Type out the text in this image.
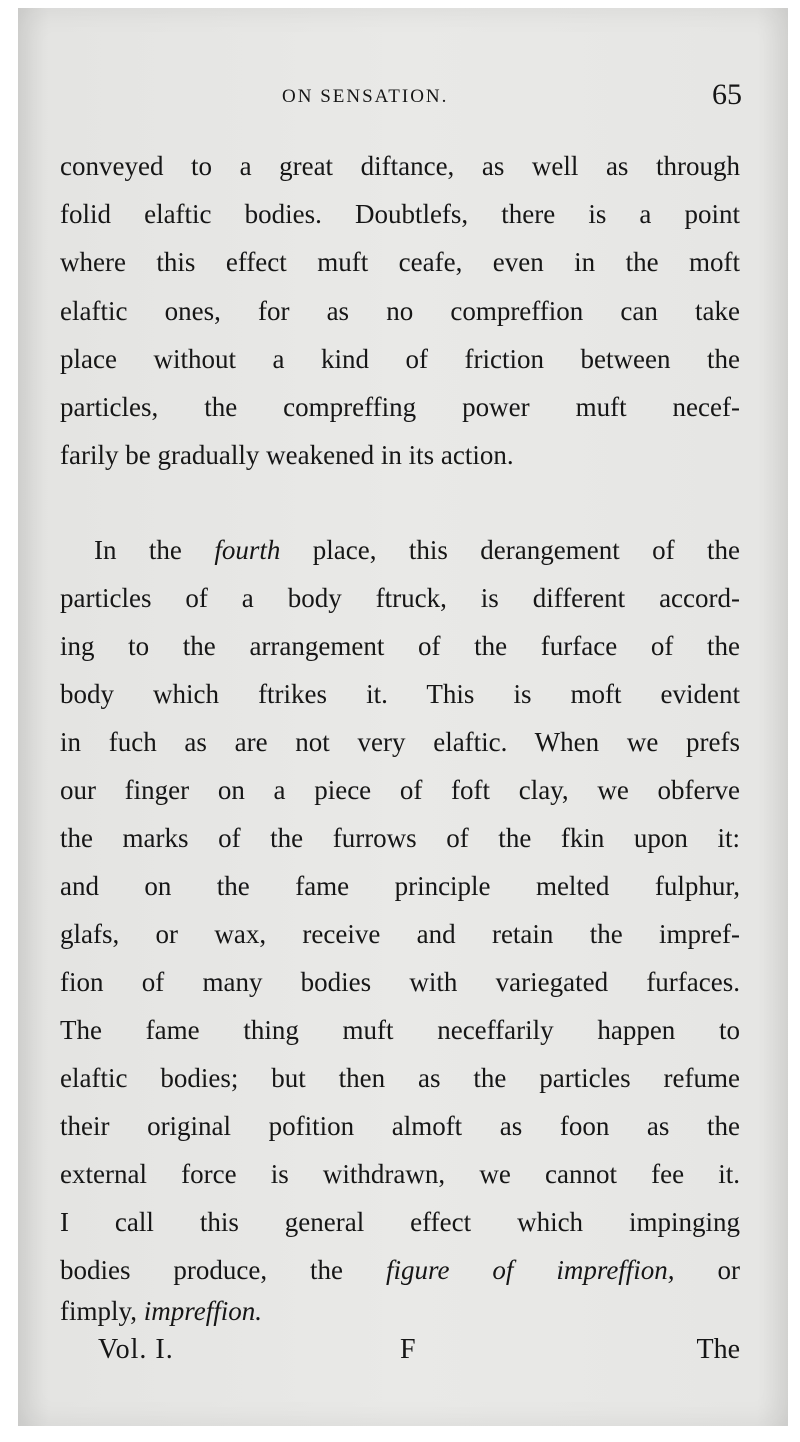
ON SENSATION.	65
conveyed to a great diftance, as well as through
folid elaftic bodies. Doubtlefs, there is a point
where this effect muft ceafe, even in the moft
elaftic ones, for as no compreffion can take
place without a kind of friction between the
particles, the compreffing power muft necef-
farily be gradually weakened in its action.
In the fourth place, this derangement of the
particles of a body ftruck, is different accord-
ing to the arrangement of the furface of the
body which ftrikes it. This is moft evident
in fuch as are not very elaftic. When we prefs
our finger on a piece of foft clay, we obferve
the marks of the furrows of the fkin upon it:
and on the fame principle melted fulphur,
glafs, or wax, receive and retain the impref-
fion of many bodies with variegated furfaces.
The fame thing muft neceffarily happen to
elaftic bodies; but then as the particles refume
their original pofition almoft as foon as the
external force is withdrawn, we cannot fee it.
I call this general effect which impinging
bodies produce, the figure of impreffion, or
fimply, impreffion.
Vol. I.	F	The
